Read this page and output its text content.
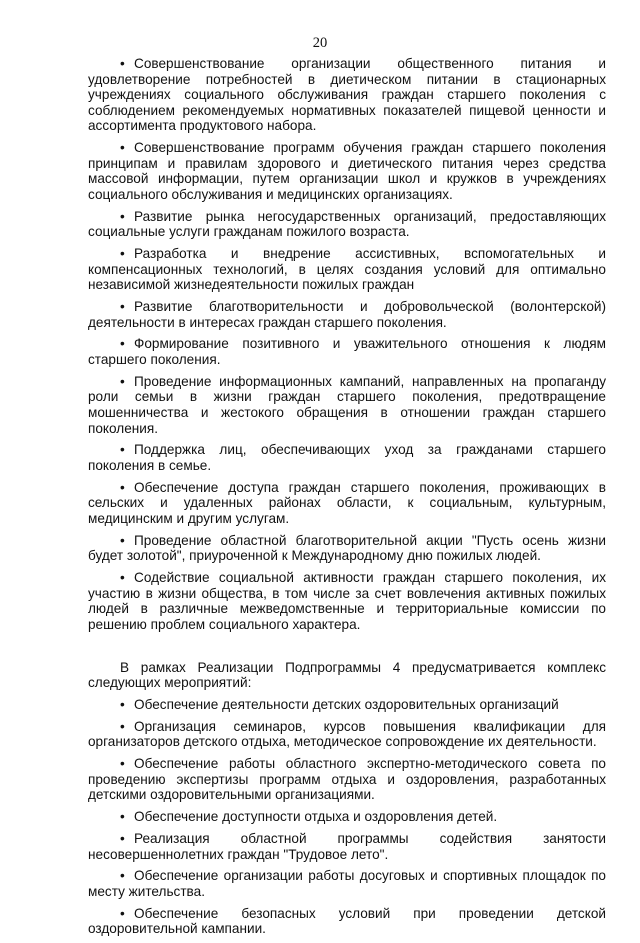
20

• Совершенствование организации общественного питания и удовлетворение потребностей в диетическом питании в стационарных учреждениях социального обслуживания граждан старшего поколения с соблюдением рекомендуемых нормативных показателей пищевой ценности и ассортимента продуктового набора.

• Совершенствование программ обучения граждан старшего поколения принципам и правилам здорового и диетического питания через средства массовой информации, путем организации школ и кружков в учреждениях социального обслуживания и медицинских организациях.

• Развитие рынка негосударственных организаций, предоставляющих социальные услуги гражданам пожилого возраста.

• Разработка и внедрение ассистивных, вспомогательных и компенсационных технологий, в целях создания условий для оптимально независимой жизнедеятельности пожилых граждан

• Развитие благотворительности и добровольческой (волонтерской) деятельности в интересах граждан старшего поколения.

• Формирование позитивного и уважительного отношения к людям старшего поколения.

• Проведение информационных кампаний, направленных на пропаганду роли семьи в жизни граждан старшего поколения, предотвращение мошенничества и жестокого обращения в отношении граждан старшего поколения.

• Поддержка лиц, обеспечивающих уход за гражданами старшего поколения в семье.

• Обеспечение доступа граждан старшего поколения, проживающих в сельских и удаленных районах области, к социальным, культурным, медицинским и другим услугам.

• Проведение областной благотворительной акции "Пусть осень жизни будет золотой", приуроченной к Международному дню пожилых людей.

• Содействие социальной активности граждан старшего поколения, их участию в жизни общества, в том числе за счет вовлечения активных пожилых людей в различные межведомственные и территориальные комиссии по решению проблем социального характера.

В рамках Реализации Подпрограммы 4 предусматривается комплекс следующих мероприятий:

• Обеспечение деятельности детских оздоровительных организаций

• Организация семинаров, курсов повышения квалификации для организаторов детского отдыха, методическое сопровождение их деятельности.

• Обеспечение работы областного экспертно-методического совета по проведению экспертизы программ отдыха и оздоровления, разработанных детскими оздоровительными организациями.

• Обеспечение доступности отдыха и оздоровления детей.

• Реализация областной программы содействия занятости несовершеннолетних граждан "Трудовое лето".

• Обеспечение организации работы досуговых и спортивных площадок по месту жительства.

• Обеспечение безопасных условий при проведении детской оздоровительной кампании.
